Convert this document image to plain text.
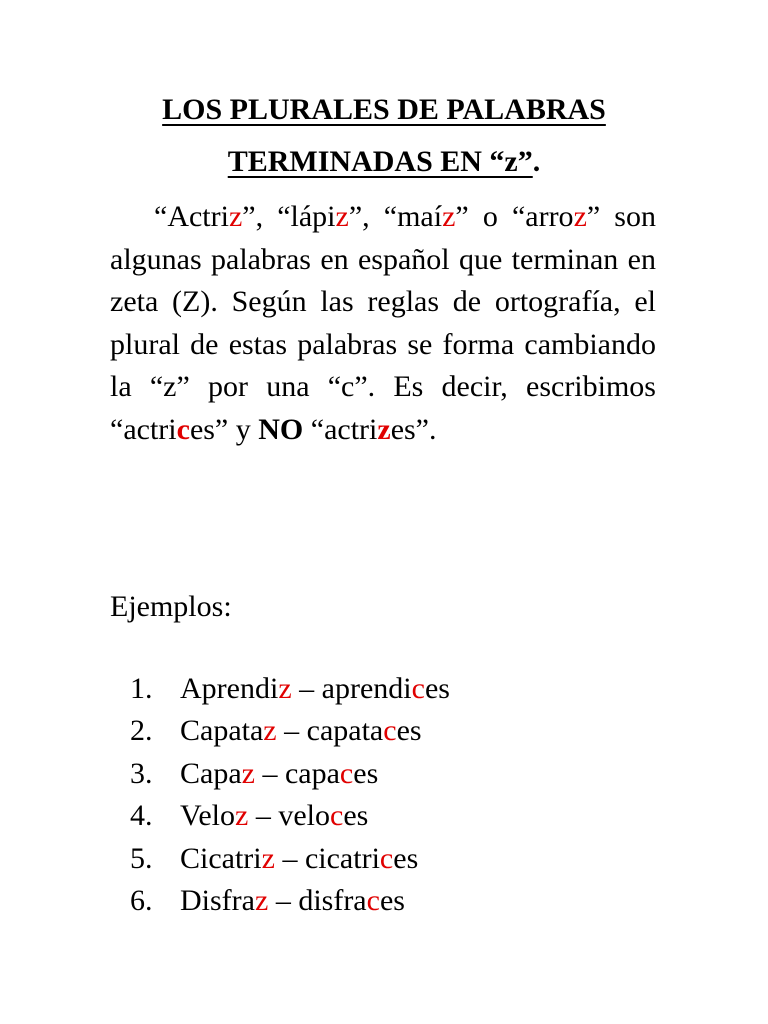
LOS PLURALES DE PALABRAS
TERMINADAS EN “z”.

“Actriz”, “lápiz”, “maíz” o “arroz” son algunas palabras en español que terminan en zeta (Z). Según las reglas de ortografía, el plural de estas palabras se forma cambiando la “z” por una “c”. Es decir, escribimos “actrices” y NO “actrizes”.

Ejemplos:

1. Aprendiz – aprendices
2. Capataz – capataces
3. Capaz – capaces
4. Veloz – veloces
5. Cicatriz – cicatrices
6. Disfraz – disfraces
